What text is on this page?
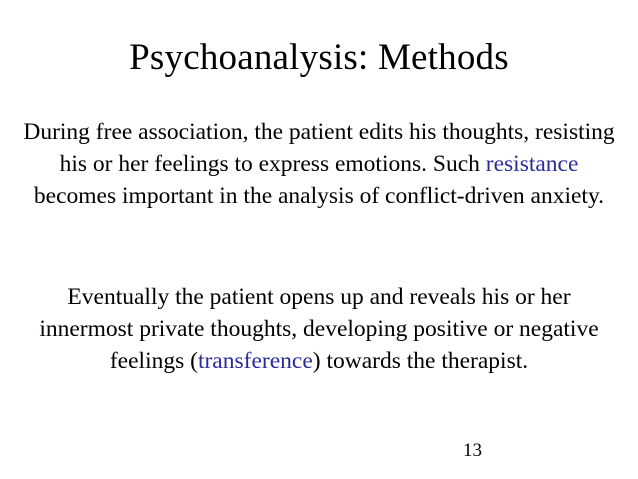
Psychoanalysis: Methods
During free association, the patient edits his thoughts, resisting his or her feelings to express emotions. Such resistance becomes important in the analysis of conflict-driven anxiety.
Eventually the patient opens up and reveals his or her innermost private thoughts, developing positive or negative feelings (transference) towards the therapist.
13
